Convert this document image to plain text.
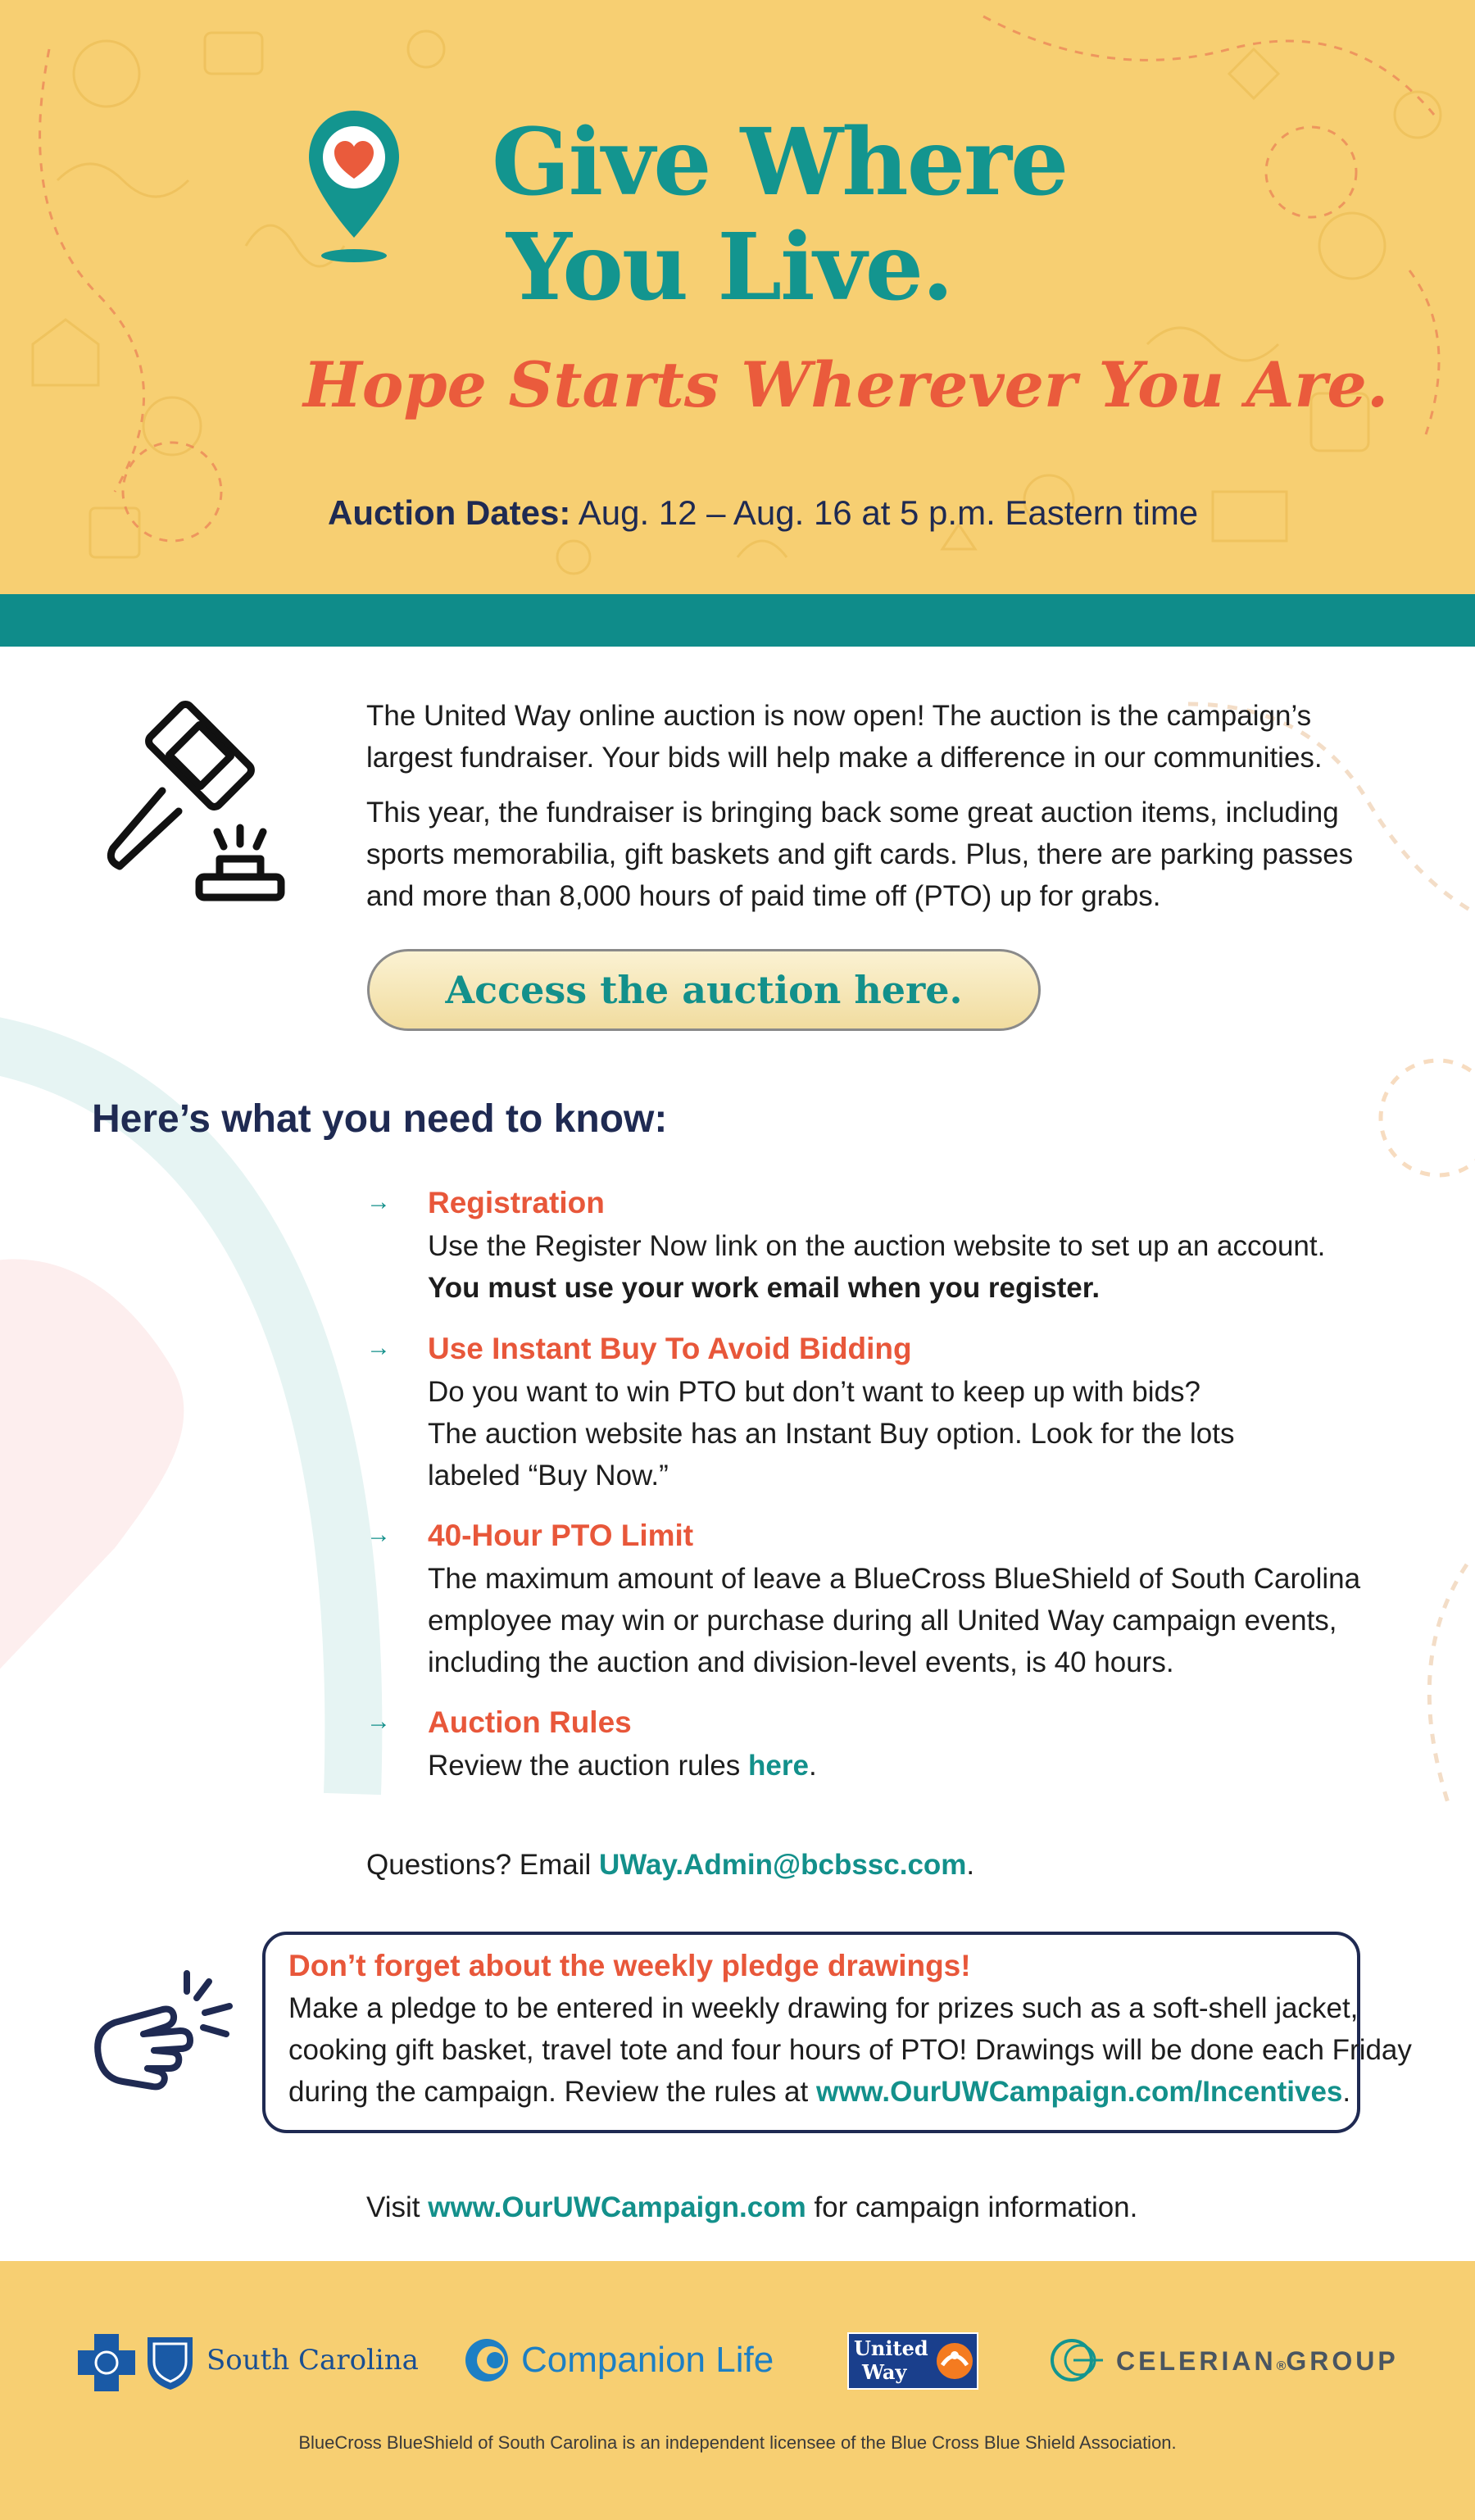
Give Where
You Live.
Hope Starts Wherever You Are.
Auction Dates: Aug. 12 – Aug. 16 at 5 p.m. Eastern time
The United Way online auction is now open! The auction is the campaign’s largest fundraiser. Your bids will help make a difference in our communities.
This year, the fundraiser is bringing back some great auction items, including sports memorabilia, gift baskets and gift cards. Plus, there are parking passes and more than 8,000 hours of paid time off (PTO) up for grabs.
Access the auction here.
Here’s what you need to know:
→ Registration
Use the Register Now link on the auction website to set up an account.
You must use your work email when you register.
→ Use Instant Buy To Avoid Bidding
Do you want to win PTO but don’t want to keep up with bids?
The auction website has an Instant Buy option. Look for the lots
labeled “Buy Now.”
→ 40-Hour PTO Limit
The maximum amount of leave a BlueCross BlueShield of South Carolina
employee may win or purchase during all United Way campaign events,
including the auction and division-level events, is 40 hours.
→ Auction Rules
Review the auction rules here.
Questions? Email UWay.Admin@bcbssc.com.
Don’t forget about the weekly pledge drawings!
Make a pledge to be entered in weekly drawing for prizes such as a soft-shell jacket,
cooking gift basket, travel tote and four hours of PTO! Drawings will be done each Friday
during the campaign. Review the rules at www.OurUWCampaign.com/Incentives.
Visit www.OurUWCampaign.com for campaign information.
South Carolina	Companion Life	United
Way	CELERIAN®GROUP
BlueCross BlueShield of South Carolina is an independent licensee of the Blue Cross Blue Shield Association.
